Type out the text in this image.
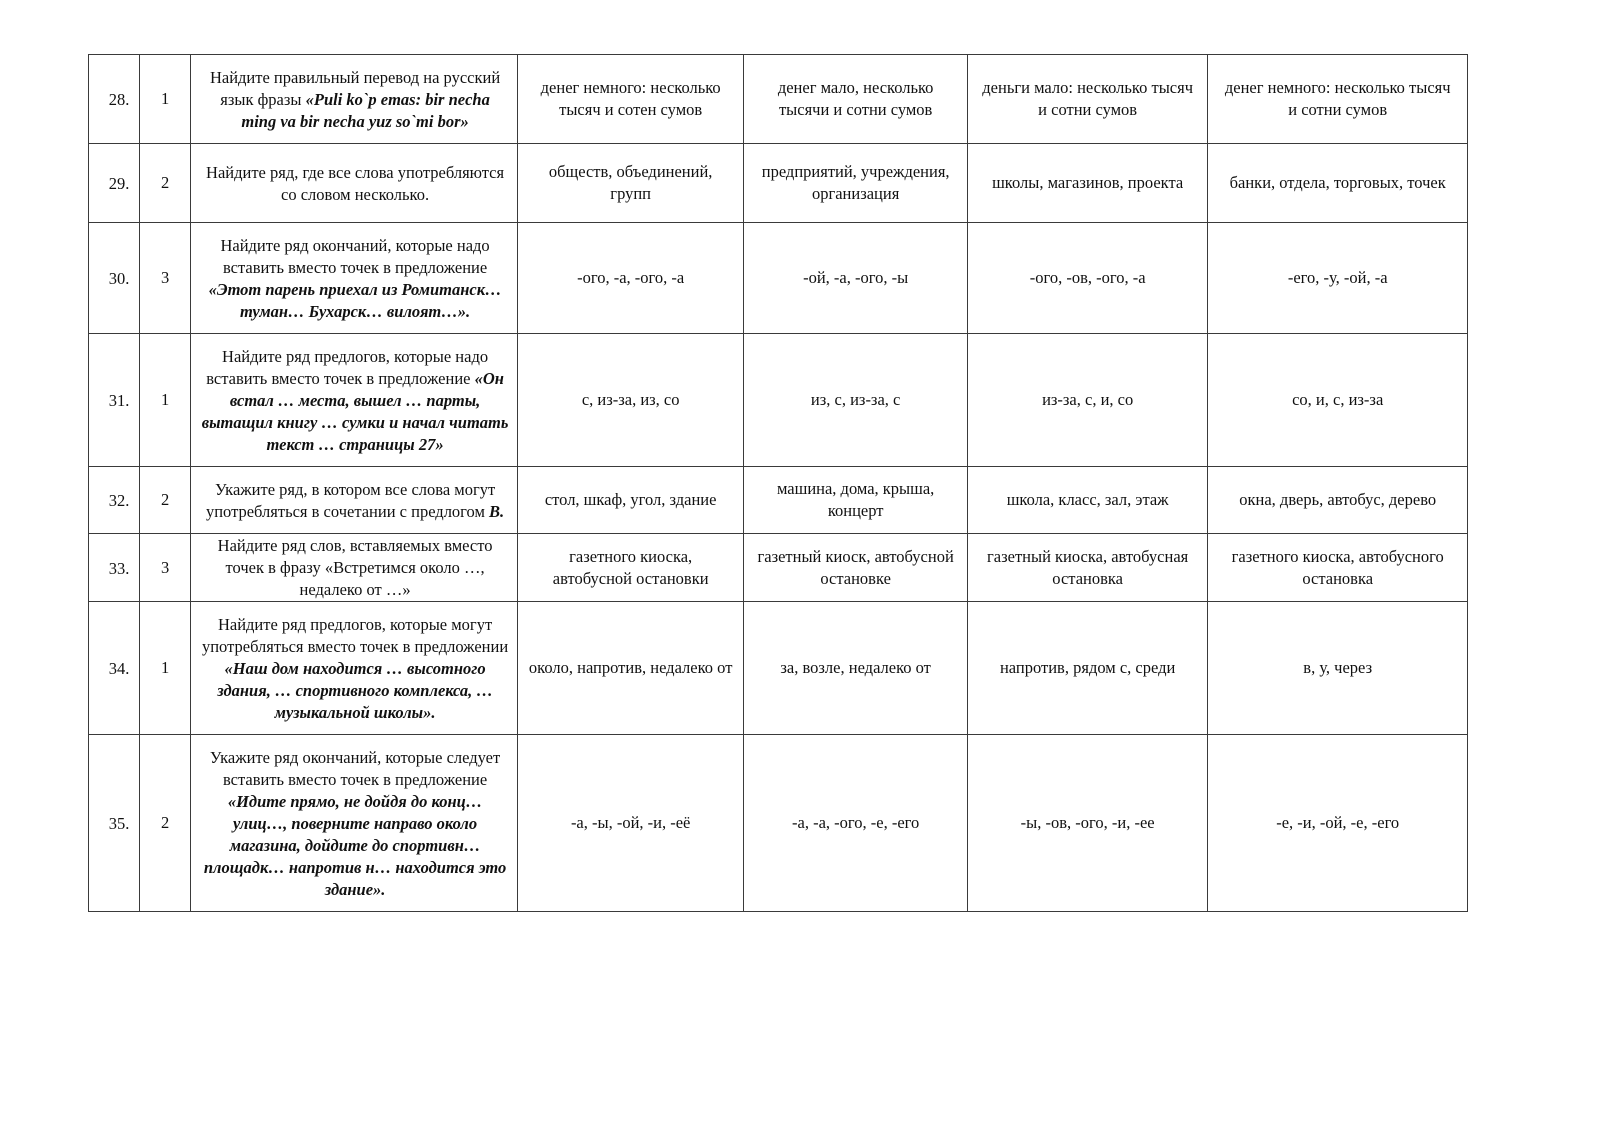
28.	1	Найдите правильный перевод на русский язык фразы «Puli ko`p emas: bir necha ming va bir necha yuz so`mi bor»	денег немного: несколько тысяч и сотен сумов	денег мало, несколько тысячи и сотни сумов	деньги мало: несколько тысяч и сотни сумов	денег немного: несколько тысяч и сотни сумов
29.	2	Найдите ряд, где все слова употребляются со словом несколько.	обществ, объединений, групп	предприятий, учреждения, организация	школы, магазинов, проекта	банки, отдела, торговых, точек
30.	3	Найдите ряд окончаний, которые надо вставить вместо точек в предложение «Этот парень приехал из Ромитанск… туман… Бухарск… вилоят…».	-ого, -а, -ого, -а	-ой, -а, -ого, -ы	-ого, -ов, -ого, -а	-его, -у, -ой, -а
31.	1	Найдите ряд предлогов, которые надо вставить вместо точек в предложение «Он встал … места, вышел … парты, вытащил книгу … сумки и начал читать текст … страницы 27»	с, из-за, из, со	из, с, из-за, с	из-за, с, и, со	со, и, с, из-за
32.	2	Укажите ряд, в котором все слова могут употребляться в сочетании с предлогом В.	стол, шкаф, угол, здание	машина, дома, крыша, концерт	школа, класс, зал, этаж	окна, дверь, автобус, дерево
33.	3	Найдите ряд слов, вставляемых вместо точек в фразу «Встретимся около …, недалеко от …»	газетного киоска, автобусной остановки	газетный киоск, автобусной остановке	газетный киоска, автобусная остановка	газетного киоска, автобусного остановка
34.	1	Найдите ряд предлогов, которые могут употребляться вместо точек в предложении «Наш дом находится … высотного здания, … спортивного комплекса, … музыкальной школы».	около, напротив, недалеко от	за, возле, недалеко от	напротив, рядом с, среди	в, у, через
35.	2	Укажите ряд окончаний, которые следует вставить вместо точек в предложение «Идите прямо, не дойдя до конц… улиц…, поверните направо около магазина, дойдите до спортивн… площадк… напротив н… находится это здание».	-а, -ы, -ой, -и, -её	-а, -а, -ого, -е, -его	-ы, -ов, -ого, -и, -ее	-е, -и, -ой, -е, -его
